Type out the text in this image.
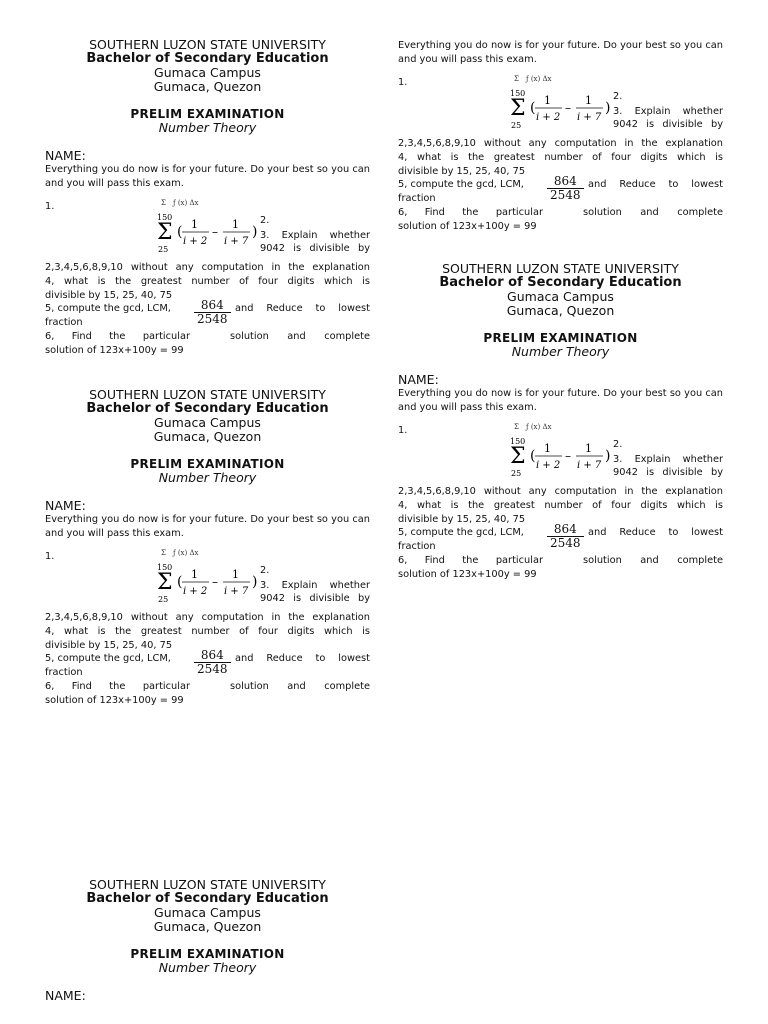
SOUTHERN LUZON STATE UNIVERSITY
Bachelor of Secondary Education
Gumaca Campus
Gumaca, Quezon
PRELIM EXAMINATION
Number Theory
NAME:
Everything you do now is for your future. Do your best so you can and you will pass this exam.
1.	Σ ƒ (x) Δx
150
Σ
25
( 1
i + 2
–
1
i + 7
)
2.
3. Explain whether
9042 is divisible by
2,3,4,5,6,8,9,10 without any computation in the explanation
4, what is the greatest number of four digits which is
divisible by 15, 25, 40, 75
5, compute the gcd, LCM, $\frac{864}{2548}$ and Reduce to lowest
fraction
6, Find the particular	solution and complete
solution of 123x+100y = 99
SOUTHERN LUZON STATE UNIVERSITY
Bachelor of Secondary Education
Gumaca Campus
Gumaca, Quezon
PRELIM EXAMINATION
Number Theory
NAME:
Everything you do now is for your future. Do your best so you can and you will pass this exam.
1.	Σ ƒ (x) Δx
150
Σ
25
( 1
i + 2
–
1
i + 7
)
2.
3. Explain whether
9042 is divisible by
2,3,4,5,6,8,9,10 without any computation in the explanation
4, what is the greatest number of four digits which is
divisible by 15, 25, 40, 75
5, compute the gcd, LCM, $\frac{864}{2548}$ and Reduce to lowest
fraction
6, Find the particular	solution and complete
solution of 123x+100y = 99
SOUTHERN LUZON STATE UNIVERSITY
Bachelor of Secondary Education
Gumaca Campus
Gumaca, Quezon
PRELIM EXAMINATION
Number Theory
NAME:
Everything you do now is for your future. Do your best so you can and you will pass this exam.
1.	Σ ƒ (x) Δx
150
Σ
25
( 1
i + 2
–
1
i + 7
)
2.
3. Explain whether
9042 is divisible by
2,3,4,5,6,8,9,10 without any computation in the explanation
4, what is the greatest number of four digits which is
divisible by 15, 25, 40, 75
5, compute the gcd, LCM, $\frac{864}{2548}$ and Reduce to lowest
fraction
6, Find the particular	solution and complete
solution of 123x+100y = 99
SOUTHERN LUZON STATE UNIVERSITY
Bachelor of Secondary Education
Gumaca Campus
Gumaca, Quezon
PRELIM EXAMINATION
Number Theory
NAME:
Everything you do now is for your future. Do your best so you can and you will pass this exam.
1.	Σ ƒ (x) Δx
150
Σ
25
( 1
i + 2
–
1
i + 7
)
2.
3. Explain whether
9042 is divisible by
2,3,4,5,6,8,9,10 without any computation in the explanation
4, what is the greatest number of four digits which is
divisible by 15, 25, 40, 75
5, compute the gcd, LCM, $\frac{864}{2548}$ and Reduce to lowest
fraction
6, Find the particular	solution and complete
solution of 123x+100y = 99
